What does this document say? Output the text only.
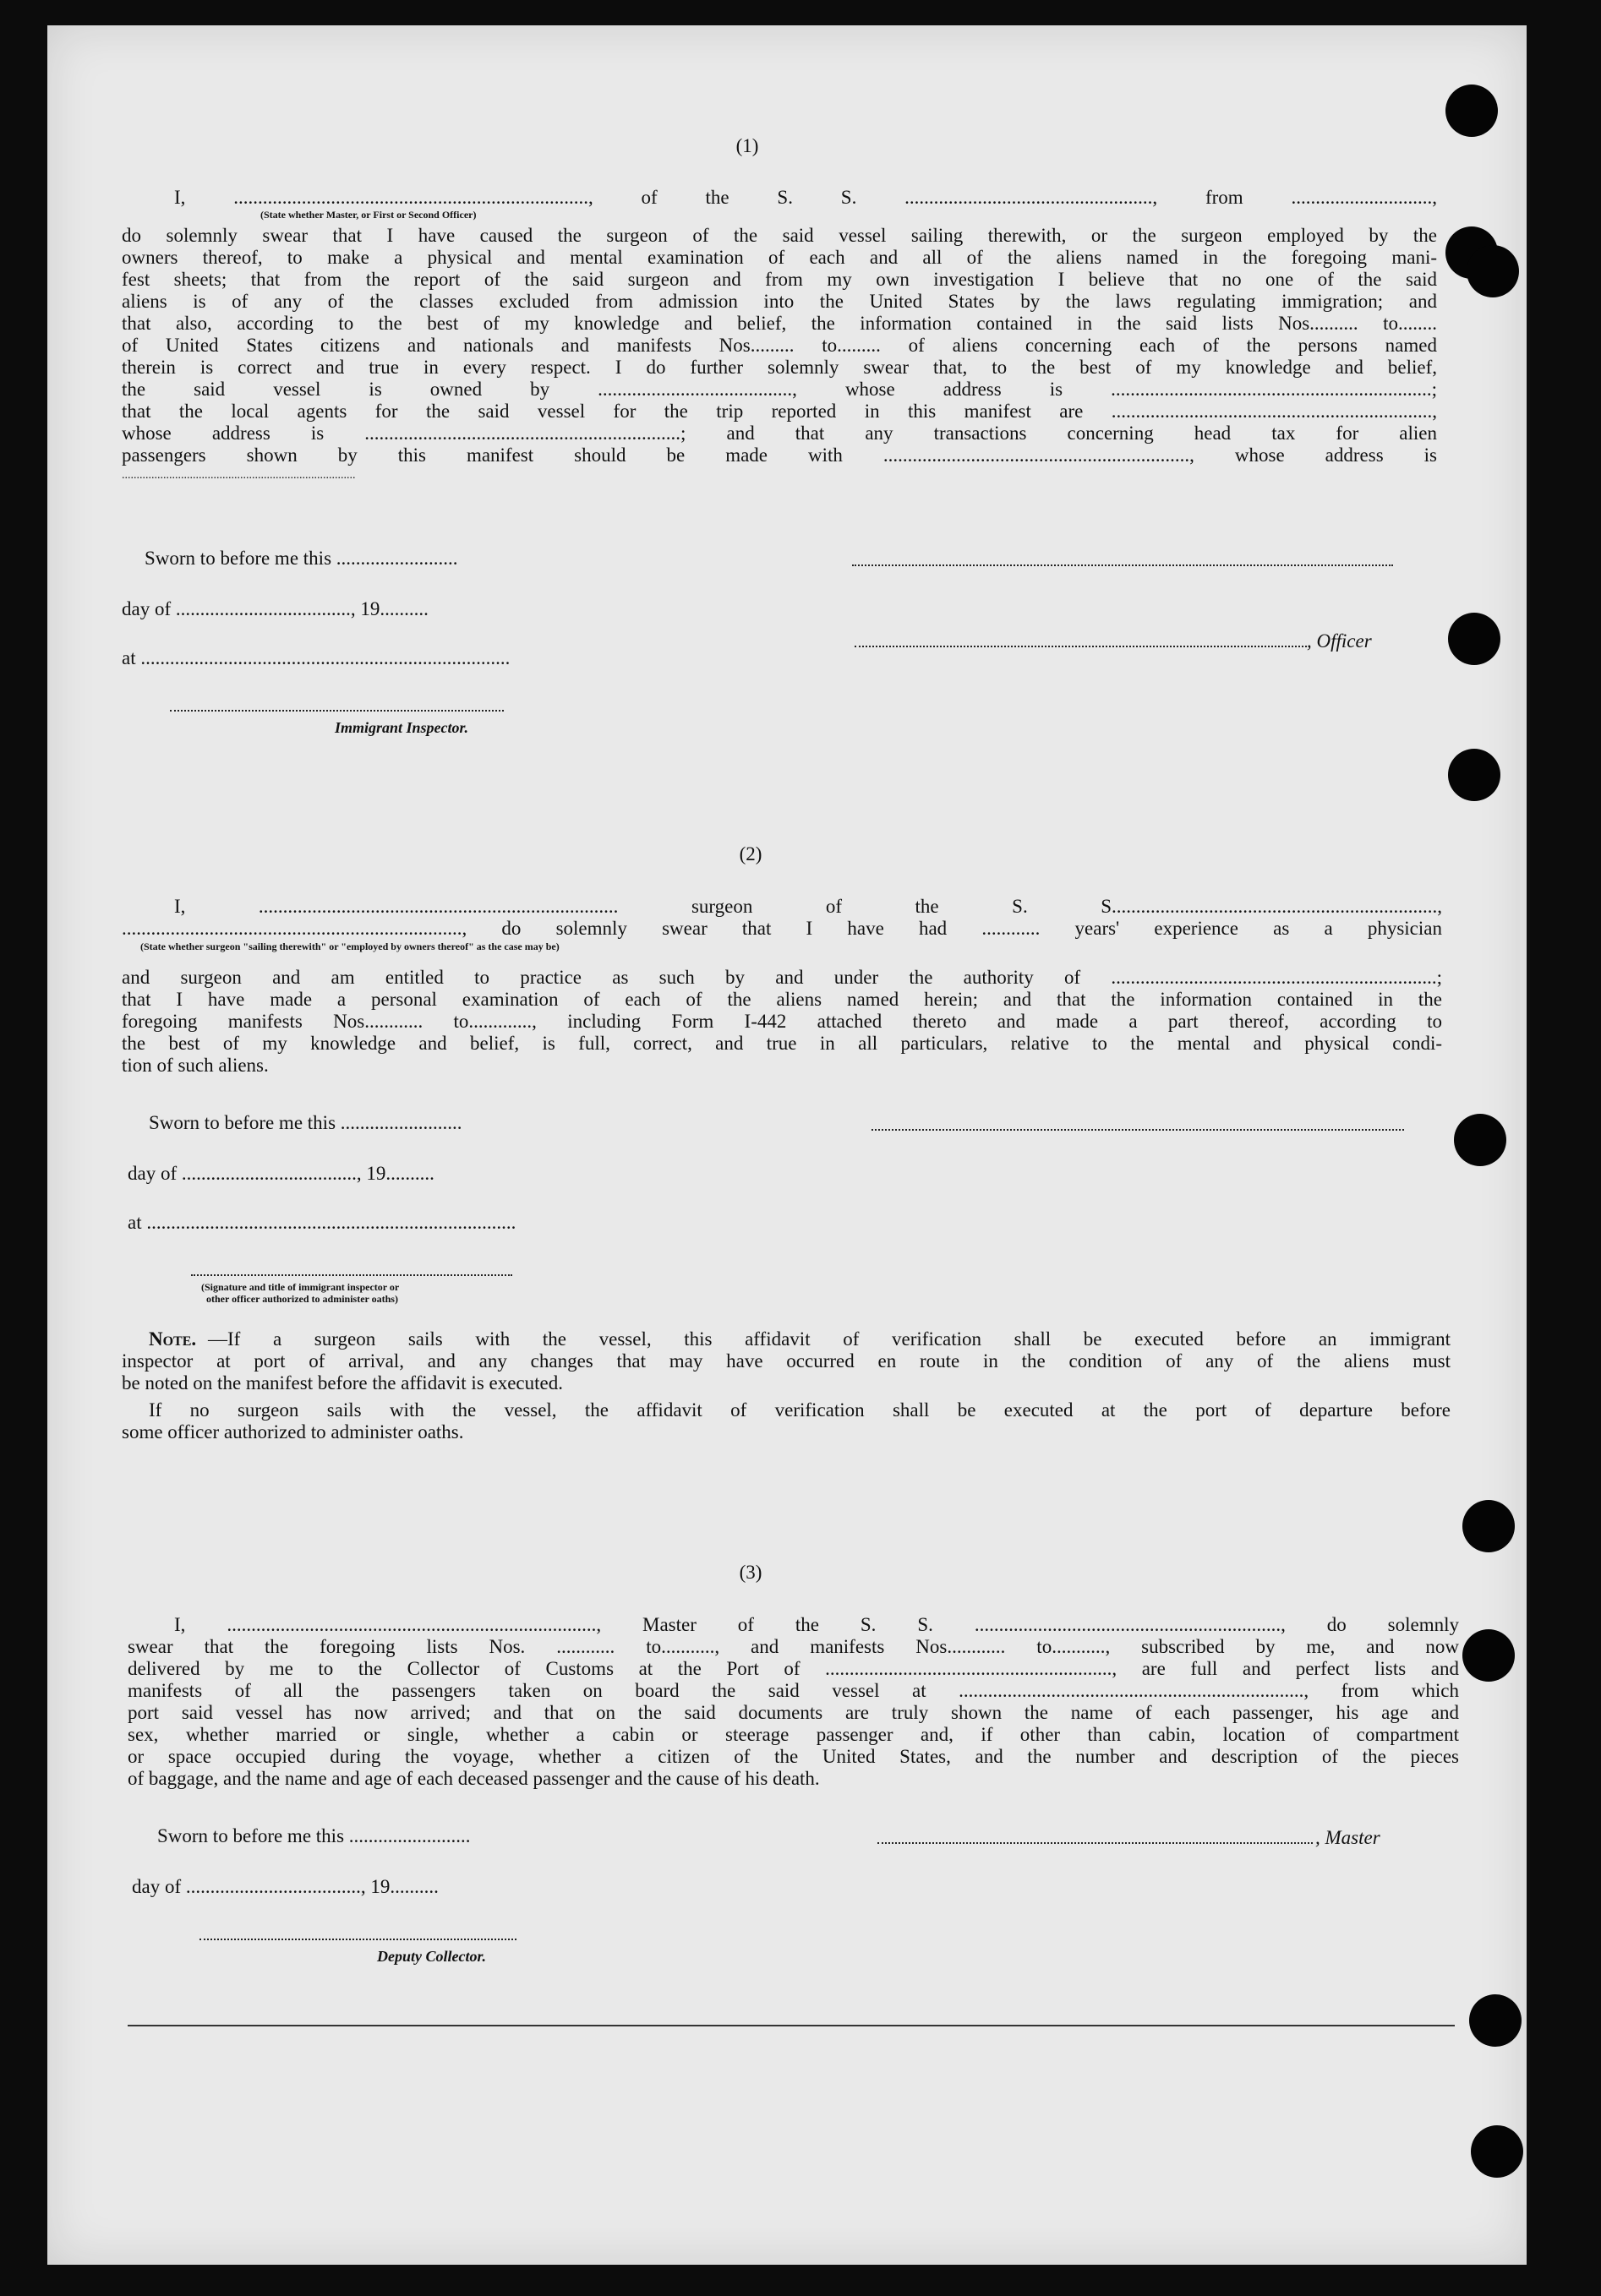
(1)
I, ........................................................................., of the S. S. ..................................................., from .............................,
(State whether Master, or First or Second Officer)
do solemnly swear that I have caused the surgeon of the said vessel sailing therewith, or the surgeon employed by the
owners thereof, to make a physical and mental examination of each and all of the aliens named in the foregoing mani-
fest sheets; that from the report of the said surgeon and from my own investigation I believe that no one of the said
aliens is of any of the classes excluded from admission into the United States by the laws regulating immigration; and
that also, according to the best of my knowledge and belief, the information contained in the said lists Nos.......... to........
of United States citizens and nationals and manifests Nos......... to......... of aliens concerning each of the persons named
therein is correct and true in every respect. I do further solemnly swear that, to the best of my knowledge and belief,
the said vessel is owned by ........................................, whose address is ..................................................................;
that the local agents for the said vessel for the trip reported in this manifest are ..................................................................,
whose address is .................................................................; and that any transactions concerning head tax for alien
passengers shown by this manifest should be made with ..............................................................., whose address is
...............................................................................
Sworn to before me this .........................
day of ...................................., 19..........
, Officer
at ............................................................................
Immigrant Inspector.
(2)
I, .......................................................................... surgeon of the S. S...................................................................,
......................................................................, do solemnly swear that I have had ............ years' experience as a physician
(State whether surgeon "sailing therewith" or "employed by owners thereof" as the case may be)
and surgeon and am entitled to practice as such by and under the authority of ...................................................................;
that I have made a personal examination of each of the aliens named herein; and that the information contained in the
foregoing manifests Nos............ to............., including Form I-442 attached thereto and made a part thereof, according to
the best of my knowledge and belief, is full, correct, and true in all particulars, relative to the mental and physical condi-
tion of such aliens.
Sworn to before me this .........................
day of ...................................., 19..........
at ............................................................................
(Signature and title of immigrant inspector or
other officer authorized to administer oaths)
Note. —If a surgeon sails with the vessel, this affidavit of verification shall be executed before an immigrant
inspector at port of arrival, and any changes that may have occurred en route in the condition of any of the aliens must
be noted on the manifest before the affidavit is executed.
If no surgeon sails with the vessel, the affidavit of verification shall be executed at the port of departure before
some officer authorized to administer oaths.
(3)
I, ............................................................................, Master of the S. S. ..............................................................., do solemnly
swear that the foregoing lists Nos. ............ to..........., and manifests Nos............ to..........., subscribed by me, and now
delivered by me to the Collector of Customs at the Port of ..........................................................., are full and perfect lists and
manifests of all the passengers taken on board the said vessel at ......................................................................., from which
port said vessel has now arrived; and that on the said documents are truly shown the name of each passenger, his age and
sex, whether married or single, whether a cabin or steerage passenger and, if other than cabin, location of compartment
or space occupied during the voyage, whether a citizen of the United States, and the number and description of the pieces
of baggage, and the name and age of each deceased passenger and the cause of his death.
Sworn to before me this .........................	, Master
day of ...................................., 19..........
Deputy Collector.
